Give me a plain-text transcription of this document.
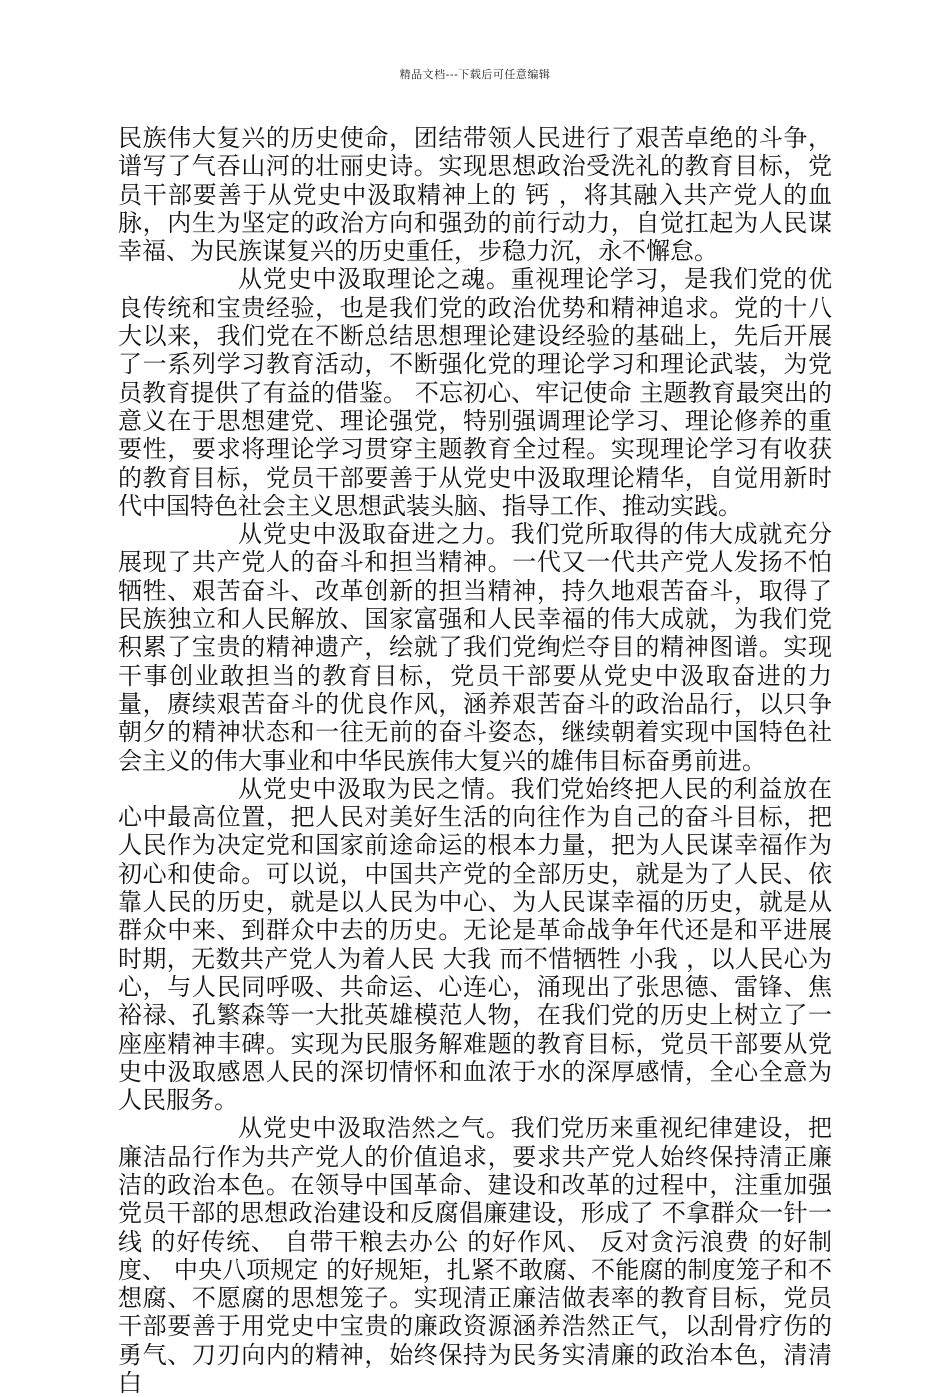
精品文档---下载后可任意编辑

民族伟大复兴的历史使命，团结带领人民进行了艰苦卓绝的斗争，谱写了气吞山河的壮丽史诗。实现思想政治受洗礼的教育目标，党员干部要善于从党史中汲取精神上的 钙 ，将其融入共产党人的血脉，内生为坚定的政治方向和强劲的前行动力，自觉扛起为人民谋幸福、为民族谋复兴的历史重任，步稳力沉，永不懈怠。

从党史中汲取理论之魂。重视理论学习，是我们党的优良传统和宝贵经验，也是我们党的政治优势和精神追求。党的十八大以来，我们党在不断总结思想理论建设经验的基础上，先后开展了一系列学习教育活动，不断强化党的理论学习和理论武装，为党员教育提供了有益的借鉴。 不忘初心、牢记使命 主题教育最突出的意义在于思想建党、理论强党，特别强调理论学习、理论修养的重要性，要求将理论学习贯穿主题教育全过程。实现理论学习有收获的教育目标，党员干部要善于从党史中汲取理论精华，自觉用新时代中国特色社会主义思想武装头脑、指导工作、推动实践。

从党史中汲取奋进之力。我们党所取得的伟大成就充分展现了共产党人的奋斗和担当精神。一代又一代共产党人发扬不怕牺牲、艰苦奋斗、改革创新的担当精神，持久地艰苦奋斗，取得了民族独立和人民解放、国家富强和人民幸福的伟大成就，为我们党积累了宝贵的精神遗产，绘就了我们党绚烂夺目的精神图谱。实现干事创业敢担当的教育目标，党员干部要从党史中汲取奋进的力量，赓续艰苦奋斗的优良作风，涵养艰苦奋斗的政治品行，以只争朝夕的精神状态和一往无前的奋斗姿态，继续朝着实现中国特色社会主义的伟大事业和中华民族伟大复兴的雄伟目标奋勇前进。

从党史中汲取为民之情。我们党始终把人民的利益放在心中最高位置，把人民对美好生活的向往作为自己的奋斗目标，把人民作为决定党和国家前途命运的根本力量，把为人民谋幸福作为初心和使命。可以说，中国共产党的全部历史，就是为了人民、依靠人民的历史，就是以人民为中心、为人民谋幸福的历史，就是从群众中来、到群众中去的历史。无论是革命战争年代还是和平进展时期，无数共产党人为着人民 大我 而不惜牺牲 小我 ，以人民心为心，与人民同呼吸、共命运、心连心，涌现出了张思德、雷锋、焦裕禄、孔繁森等一大批英雄模范人物，在我们党的历史上树立了一座座精神丰碑。实现为民服务解难题的教育目标，党员干部要从党史中汲取感恩人民的深切情怀和血浓于水的深厚感情，全心全意为人民服务。

从党史中汲取浩然之气。我们党历来重视纪律建设，把廉洁品行作为共产党人的价值追求，要求共产党人始终保持清正廉洁的政治本色。在领导中国革命、建设和改革的过程中，注重加强党员干部的思想政治建设和反腐倡廉建设，形成了 不拿群众一针一线 的好传统、 自带干粮去办公 的好作风、 反对贪污浪费 的好制度、 中央八项规定 的好规矩，扎紧不敢腐、不能腐的制度笼子和不想腐、不愿腐的思想笼子。实现清正廉洁做表率的教育目标，党员干部要善于用党史中宝贵的廉政资源涵养浩然正气，以刮骨疗伤的勇气、刀刃向内的精神，始终保持为民务实清廉的政治本色，清清白
